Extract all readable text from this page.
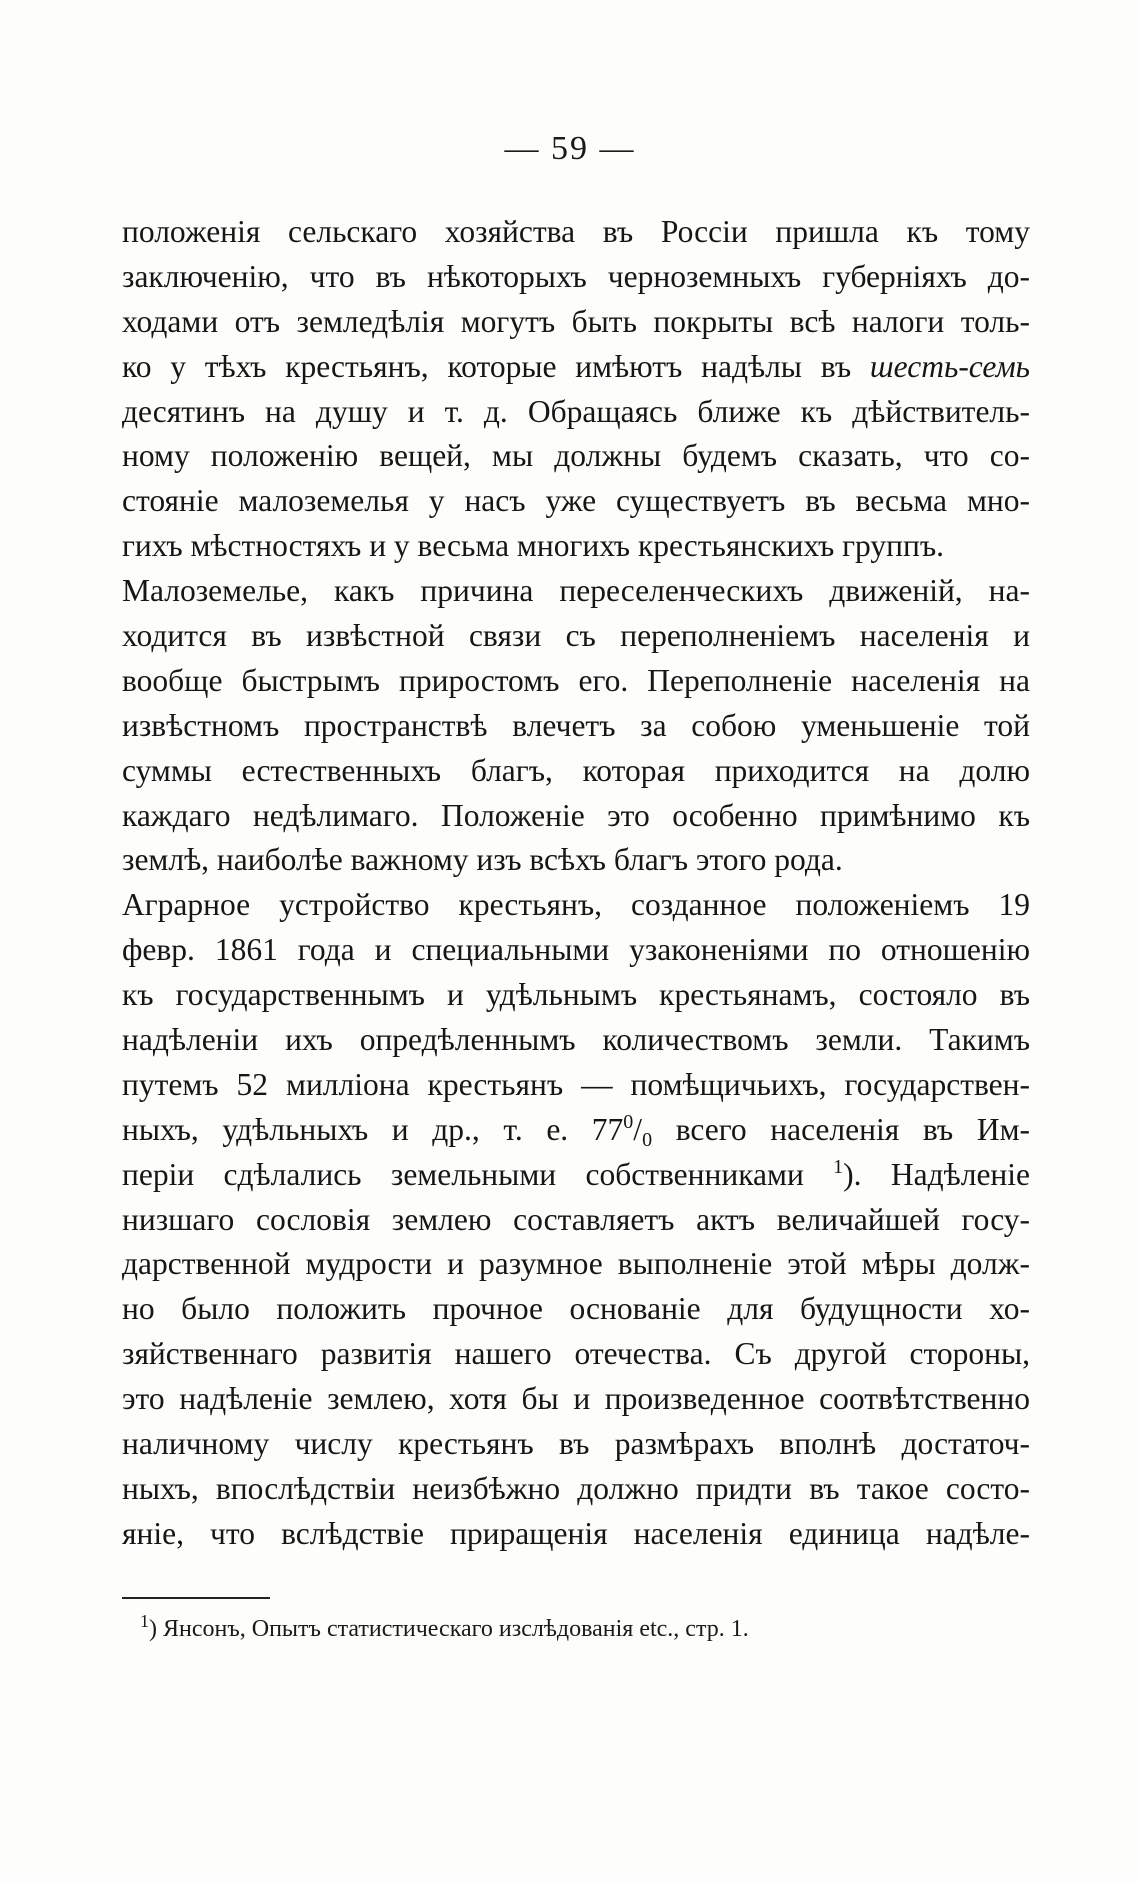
— 59 —
положенія сельскаго хозяйства въ Россіи пришла къ тому
заключенію, что въ нѣкоторыхъ черноземныхъ губерніяхъ до-
ходами отъ земледѣлія могутъ быть покрыты всѣ налоги толь-
ко у тѣхъ крестьянъ, которые имѣютъ надѣлы въ шесть-семь
десятинъ на душу и т. д. Обращаясь ближе къ дѣйствитель-
ному положенію вещей, мы должны будемъ сказать, что со-
стояніе малоземелья у насъ уже существуетъ въ весьма мно-
гихъ мѣстностяхъ и у весьма многихъ крестьянскихъ группъ.
Малоземелье, какъ причина переселенческихъ движеній, на-
ходится въ извѣстной связи съ переполненіемъ населенія и
вообще быстрымъ приростомъ его. Переполненіе населенія на
извѣстномъ пространствѣ влечетъ за собою уменьшеніе той
суммы естественныхъ благъ, которая приходится на долю
каждаго недѣлимаго. Положеніе это особенно примѣнимо къ
землѣ, наиболѣе важному изъ всѣхъ благъ этого рода.
Аграрное устройство крестьянъ, созданное положеніемъ 19
февр. 1861 года и специальными узаконеніями по отношенію
къ государственнымъ и удѣльнымъ крестьянамъ, состояло въ
надѣленіи ихъ опредѣленнымъ количествомъ земли. Такимъ
путемъ 52 милліона крестьянъ — помѣщичьихъ, государствен-
ныхъ, удѣльныхъ и др., т. е. $77^0/_0$ всего населенія въ Им-
періи сдѣлались земельными собственниками $^1$). Надѣленіе
низшаго сословія землею составляетъ актъ величайшей госу-
дарственной мудрости и разумное выполненіе этой мѣры долж-
но было положить прочное основаніе для будущности хо-
зяйственнаго развитія нашего отечества. Съ другой стороны,
это надѣленіе землею, хотя бы и произведенное соотвѣтственно
наличному числу крестьянъ въ размѣрахъ вполнѣ достаточ-
ныхъ, впослѣдствіи неизбѣжно должно придти въ такое состо-
яніе, что вслѣдствіе приращенія населенія единица надѣле-
$^1$) Янсонъ, Опытъ статистическаго изслѣдованія etc., стр. 1.
